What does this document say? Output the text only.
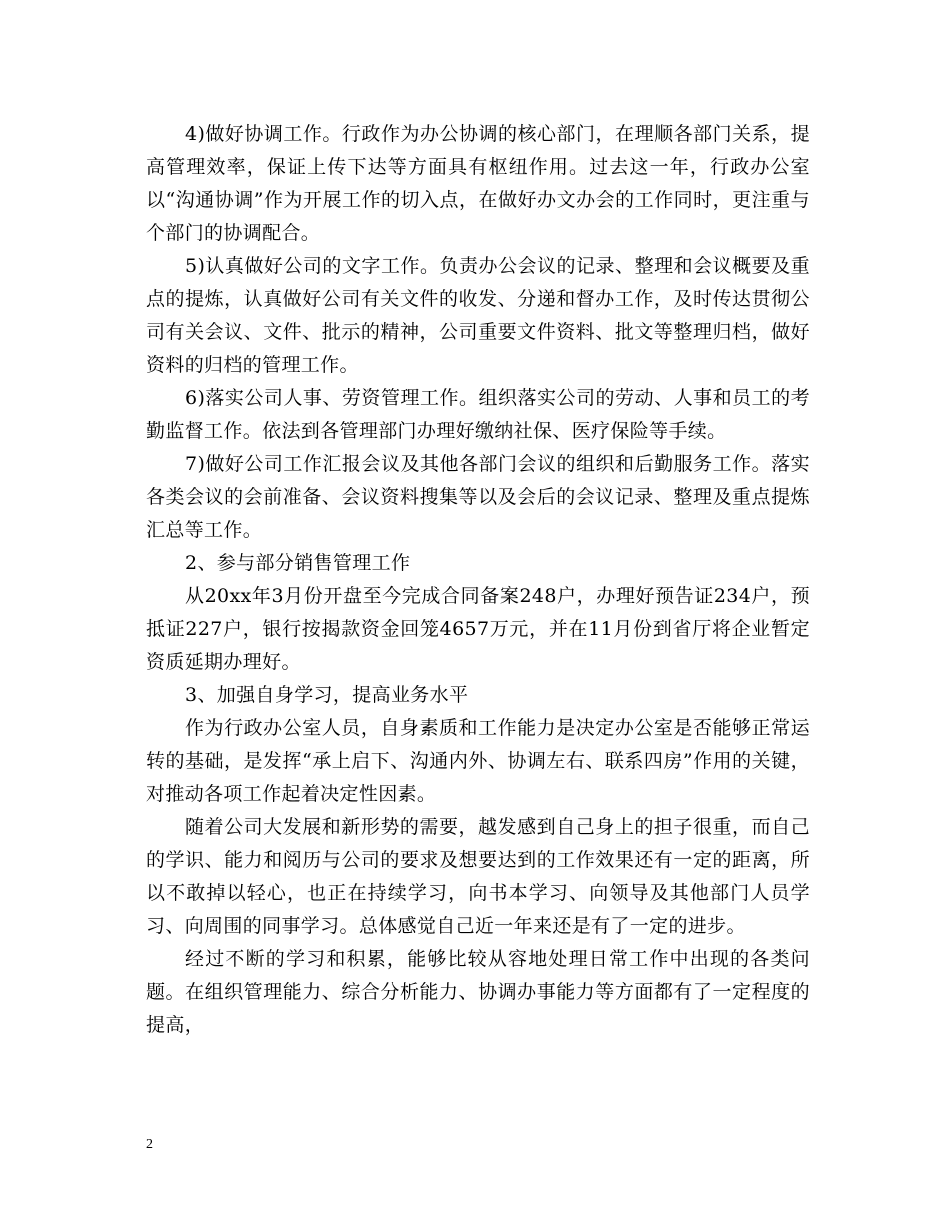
4)做好协调工作。行政作为办公协调的核心部门，在理顺各部门关系，提高管理效率，保证上传下达等方面具有枢纽作用。过去这一年，行政办公室以“沟通协调”作为开展工作的切入点，在做好办文办会的工作同时，更注重与个部门的协调配合。

5)认真做好公司的文字工作。负责办公会议的记录、整理和会议概要及重点的提炼，认真做好公司有关文件的收发、分递和督办工作，及时传达贯彻公司有关会议、文件、批示的精神，公司重要文件资料、批文等整理归档，做好资料的归档的管理工作。

6)落实公司人事、劳资管理工作。组织落实公司的劳动、人事和员工的考勤监督工作。依法到各管理部门办理好缴纳社保、医疗保险等手续。

7)做好公司工作汇报会议及其他各部门会议的组织和后勤服务工作。落实各类会议的会前准备、会议资料搜集等以及会后的会议记录、整理及重点提炼汇总等工作。

2、参与部分销售管理工作

从20xx年3月份开盘至今完成合同备案248户，办理好预告证234户，预抵证227户，银行按揭款资金回笼4657万元，并在11月份到省厅将企业暂定资质延期办理好。

3、加强自身学习，提高业务水平

作为行政办公室人员，自身素质和工作能力是决定办公室是否能够正常运转的基础，是发挥“承上启下、沟通内外、协调左右、联系四房”作用的关键，对推动各项工作起着决定性因素。

随着公司大发展和新形势的需要，越发感到自己身上的担子很重，而自己的学识、能力和阅历与公司的要求及想要达到的工作效果还有一定的距离，所以不敢掉以轻心，也正在持续学习，向书本学习、向领导及其他部门人员学习、向周围的同事学习。总体感觉自己近一年来还是有了一定的进步。

经过不断的学习和积累，能够比较从容地处理日常工作中出现的各类问题。在组织管理能力、综合分析能力、协调办事能力等方面都有了一定程度的提高，

2
